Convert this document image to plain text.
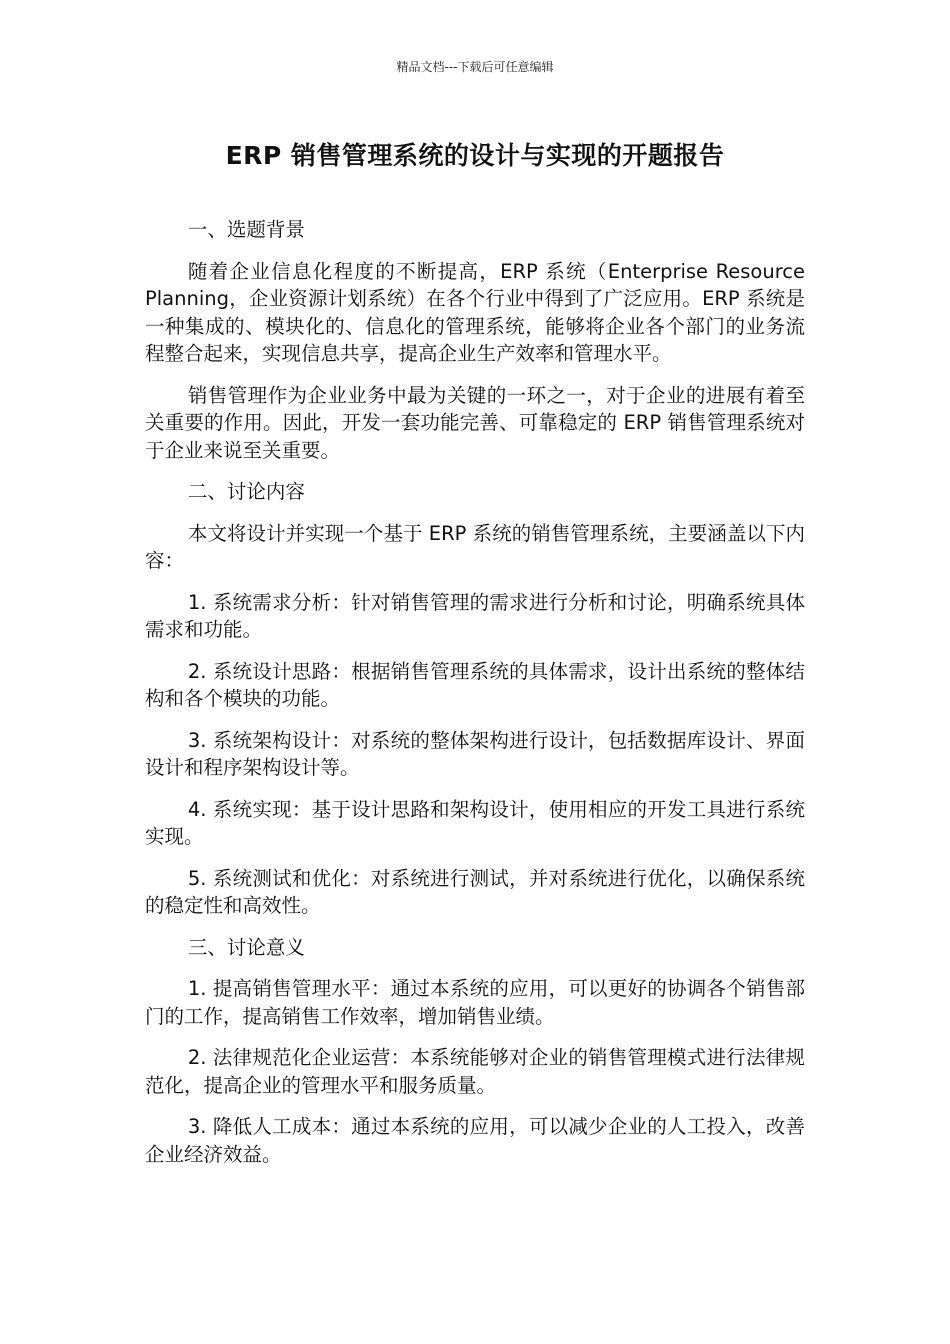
精品文档---下载后可任意编辑
ERP 销售管理系统的设计与实现的开题报告

一、选题背景

随着企业信息化程度的不断提高，ERP 系统（Enterprise Resource Planning，企业资源计划系统）在各个行业中得到了广泛应用。ERP 系统是一种集成的、模块化的、信息化的管理系统，能够将企业各个部门的业务流程整合起来，实现信息共享，提高企业生产效率和管理水平。

销售管理作为企业业务中最为关键的一环之一，对于企业的进展有着至关重要的作用。因此，开发一套功能完善、可靠稳定的 ERP 销售管理系统对于企业来说至关重要。

二、讨论内容

本文将设计并实现一个基于 ERP 系统的销售管理系统，主要涵盖以下内容：

1. 系统需求分析：针对销售管理的需求进行分析和讨论，明确系统具体需求和功能。

2. 系统设计思路：根据销售管理系统的具体需求，设计出系统的整体结构和各个模块的功能。

3. 系统架构设计：对系统的整体架构进行设计，包括数据库设计、界面设计和程序架构设计等。

4. 系统实现：基于设计思路和架构设计，使用相应的开发工具进行系统实现。

5. 系统测试和优化：对系统进行测试，并对系统进行优化，以确保系统的稳定性和高效性。

三、讨论意义

1. 提高销售管理水平：通过本系统的应用，可以更好的协调各个销售部门的工作，提高销售工作效率，增加销售业绩。

2. 法律规范化企业运营：本系统能够对企业的销售管理模式进行法律规范化，提高企业的管理水平和服务质量。

3. 降低人工成本：通过本系统的应用，可以减少企业的人工投入，改善企业经济效益。
